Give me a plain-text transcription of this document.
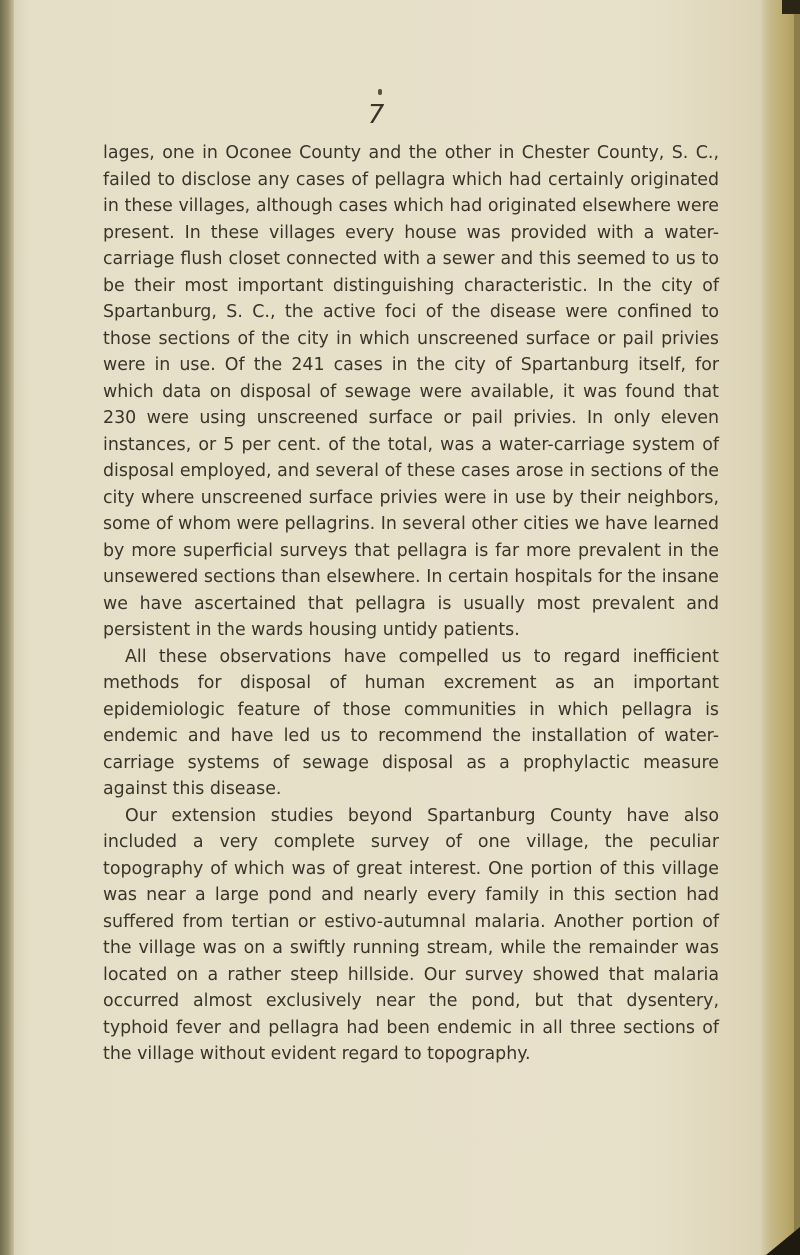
7

lages, one in Oconee County and the other in Chester County, S. C., failed to disclose any cases of pellagra which had certainly originated in these villages, although cases which had originated elsewhere were present. In these villages every house was provided with a water-carriage flush closet connected with a sewer and this seemed to us to be their most important distinguishing characteristic. In the city of Spartanburg, S. C., the active foci of the disease were confined to those sections of the city in which unscreened surface or pail privies were in use. Of the 241 cases in the city of Spartanburg itself, for which data on disposal of sewage were available, it was found that 230 were using unscreened surface or pail privies. In only eleven instances, or 5 per cent. of the total, was a water-carriage system of disposal employed, and several of these cases arose in sections of the city where unscreened surface privies were in use by their neighbors, some of whom were pellagrins. In several other cities we have learned by more superficial surveys that pellagra is far more prevalent in the unsewered sections than elsewhere. In certain hospitals for the insane we have ascertained that pellagra is usually most prevalent and persistent in the wards housing untidy patients.

All these observations have compelled us to regard inefficient methods for disposal of human excrement as an important epidemiologic feature of those communities in which pellagra is endemic and have led us to recommend the installation of water-carriage systems of sewage disposal as a prophylactic measure against this disease.

Our extension studies beyond Spartanburg County have also included a very complete survey of one village, the peculiar topography of which was of great interest. One portion of this village was near a large pond and nearly every family in this section had suffered from tertian or estivo-autumnal malaria. Another portion of the village was on a swiftly running stream, while the remainder was located on a rather steep hillside. Our survey showed that malaria occurred almost exclusively near the pond, but that dysentery, typhoid fever and pellagra had been endemic in all three sections of the village without evident regard to topography.
